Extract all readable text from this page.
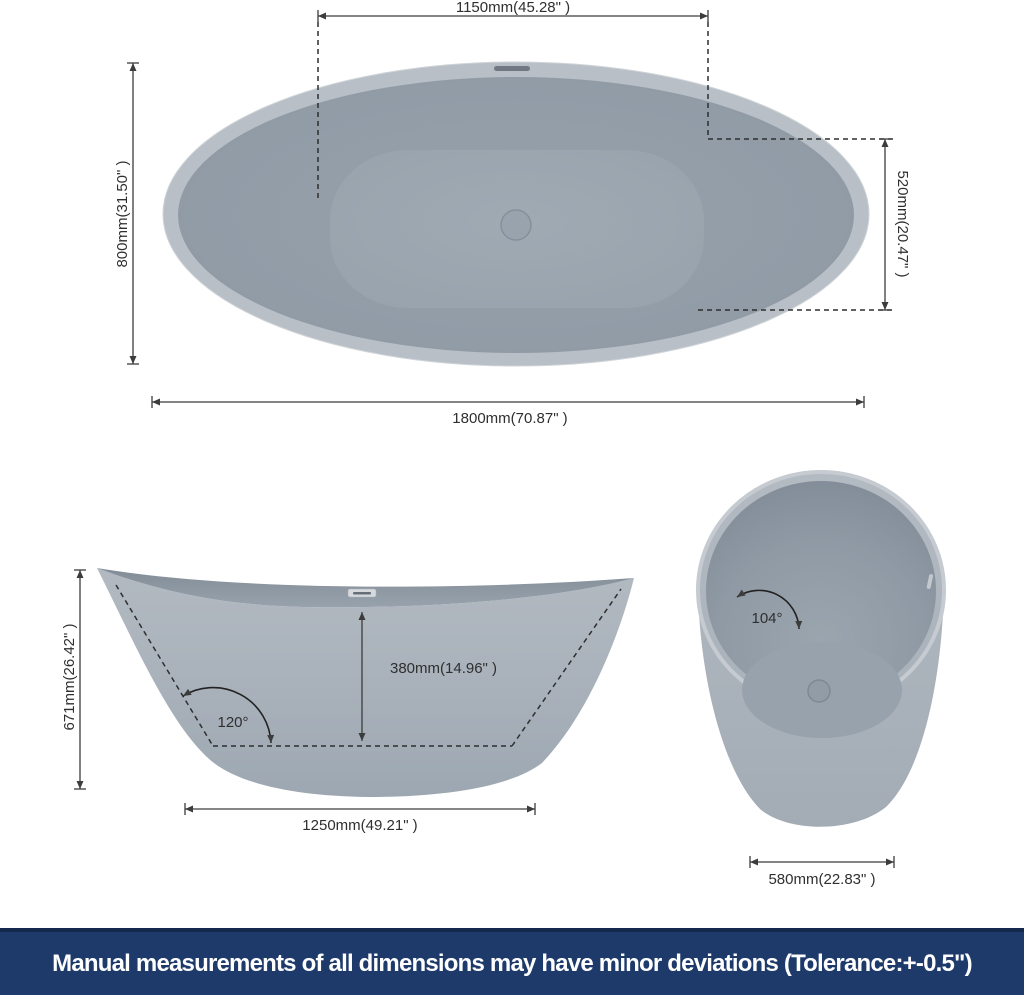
1150mm(45.28" )
800mm(31.50" )	520mm(20.47" )
1800mm(70.87" )
120°
380mm(14.96" )
671mm(26.42" )
1250mm(49.21" )
104°
580mm(22.83" )
Manual measurements of all dimensions may have minor deviations (Tolerance:+-0.5")
